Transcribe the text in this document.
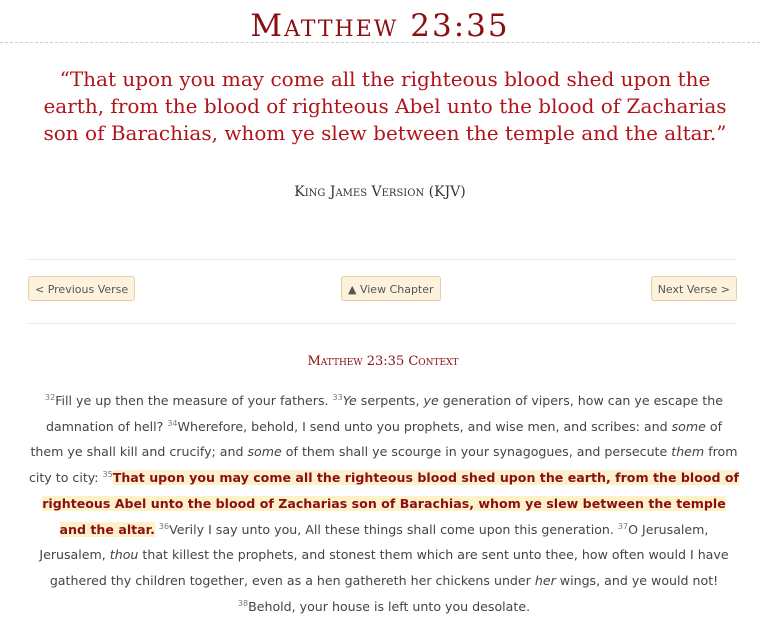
Matthew 23:35

“That upon you may come all the righteous blood shed upon the earth, from the blood of righteous Abel unto the blood of Zacharias son of Barachias, whom ye slew between the temple and the altar.”

King James Version (KJV)
< Previous Verse	▲ View Chapter	Next Verse >
Matthew 23:35 Context

$^{32}$Fill ye up then the measure of your fathers. $^{33}$Ye serpents, ye generation of vipers, how can ye escape the damnation of hell? $^{34}$Wherefore, behold, I send unto you prophets, and wise men, and scribes: and some of them ye shall kill and crucify; and some of them shall ye scourge in your synagogues, and persecute them from city to city: $^{35}$That upon you may come all the righteous blood shed upon the earth, from the blood of righteous Abel unto the blood of Zacharias son of Barachias, whom ye slew between the temple and the altar. $^{36}$Verily I say unto you, All these things shall come upon this generation. $^{37}$O Jerusalem, Jerusalem, thou that killest the prophets, and stonest them which are sent unto thee, how often would I have gathered thy children together, even as a hen gathereth her chickens under her wings, and ye would not! $^{38}$Behold, your house is left unto you desolate.
